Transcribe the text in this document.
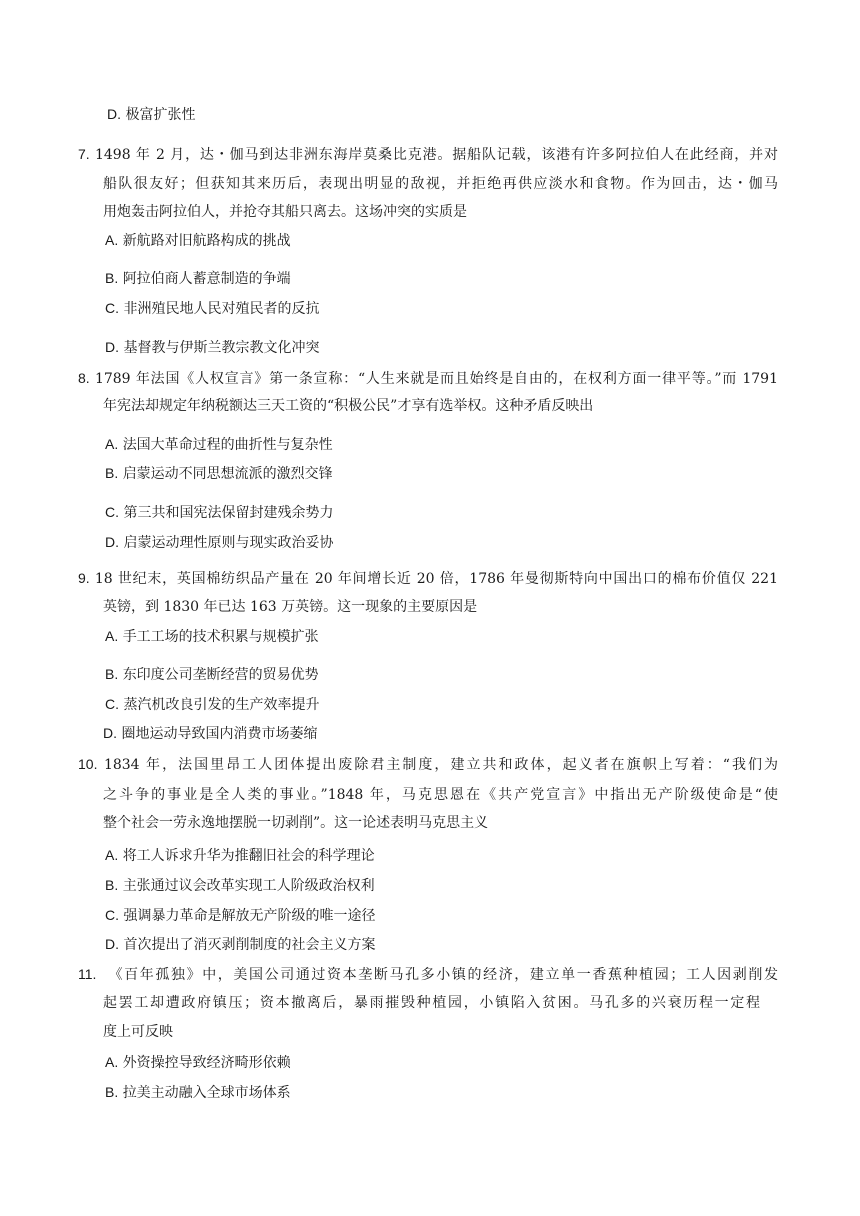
D. 极富扩张性
7. 1498 年 2 月，达・伽马到达非洲东海岸莫桑比克港。据船队记载，该港有许多阿拉伯人在此经商，并对
船队很友好；但获知其来历后，表现出明显的敌视，并拒绝再供应淡水和食物。作为回击，达・伽马
用炮轰击阿拉伯人，并抢夺其船只离去。这场冲突的实质是
A. 新航路对旧航路构成的挑战
B. 阿拉伯商人蓄意制造的争端
C. 非洲殖民地人民对殖民者的反抗
D. 基督教与伊斯兰教宗教文化冲突
8. 1789 年法国《人权宣言》第一条宣称：“人生来就是而且始终是自由的，在权利方面一律平等。”而 1791
年宪法却规定年纳税额达三天工资的“积极公民”才享有选举权。这种矛盾反映出
A. 法国大革命过程的曲折性与复杂性
B. 启蒙运动不同思想流派的激烈交锋
C. 第三共和国宪法保留封建残余势力
D. 启蒙运动理性原则与现实政治妥协
9. 18 世纪末，英国棉纺织品产量在 20 年间增长近 20 倍，1786 年曼彻斯特向中国出口的棉布价值仅 221
英镑，到 1830 年已达 163 万英镑。这一现象的主要原因是
A. 手工工场的技术积累与规模扩张
B. 东印度公司垄断经营的贸易优势
C. 蒸汽机改良引发的生产效率提升
D. 圈地运动导致国内消费市场萎缩
10. 1834 年，法国里昂工人团体提出废除君主制度，建立共和政体，起义者在旗帜上写着：“我们为
之斗争的事业是全人类的事业。”1848 年，马克思恩在《共产党宣言》中指出无产阶级使命是“使
整个社会一劳永逸地摆脱一切剥削”。这一论述表明马克思主义
A. 将工人诉求升华为推翻旧社会的科学理论
B. 主张通过议会改革实现工人阶级政治权利
C. 强调暴力革命是解放无产阶级的唯一途径
D. 首次提出了消灭剥削制度的社会主义方案
11. 《百年孤独》中，美国公司通过资本垄断马孔多小镇的经济，建立单一香蕉种植园；工人因剥削发
起罢工却遭政府镇压；资本撤离后，暴雨摧毁种植园，小镇陷入贫困。马孔多的兴衰历程一定程
度上可反映
A. 外资操控导致经济畸形依赖
B. 拉美主动融入全球市场体系
